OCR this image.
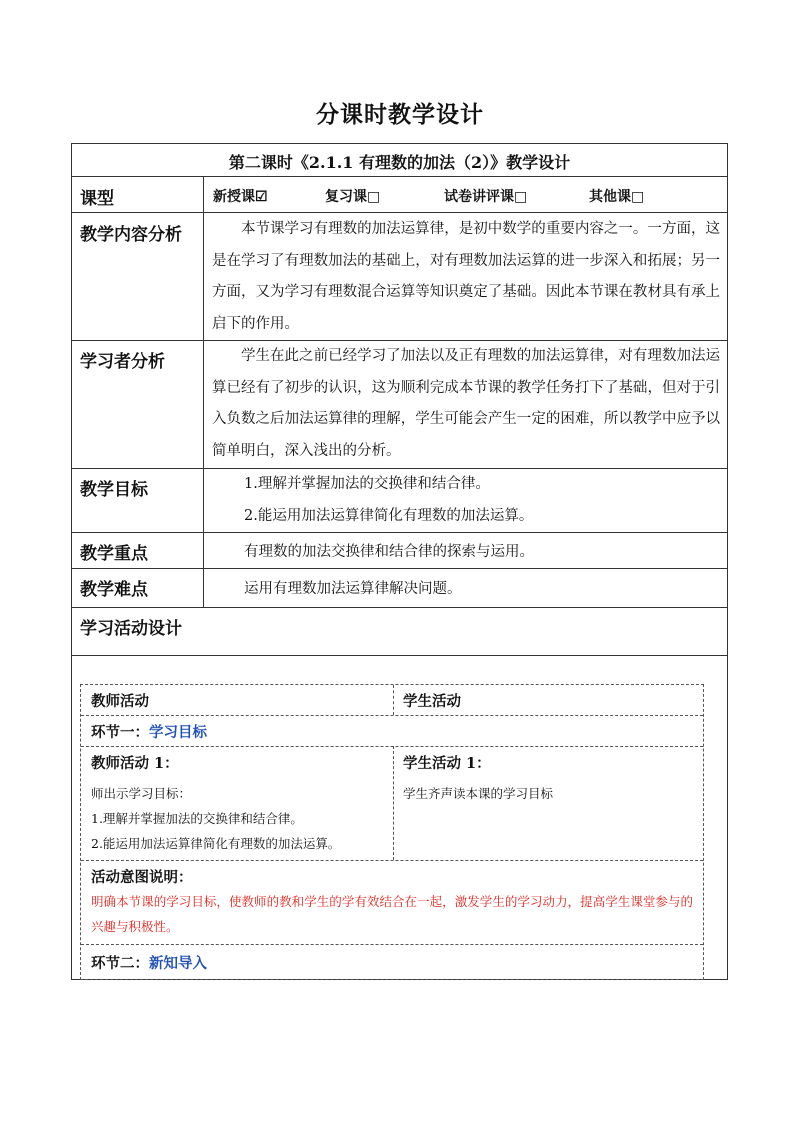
分课时教学设计
第二课时《2.1.1 有理数的加法（2）》教学设计
课型	新授课☑	复习课□	试卷讲评课□	其他课□
教学内容分析	本节课学习有理数的加法运算律，是初中数学的重要内容之一。一方面，这是在学习了有理数加法的基础上，对有理数加法运算的进一步深入和拓展；另一方面，又为学习有理数混合运算等知识奠定了基础。因此本节课在教材具有承上启下的作用。
学习者分析	学生在此之前已经学习了加法以及正有理数的加法运算律，对有理数加法运算已经有了初步的认识，这为顺利完成本节课的教学任务打下了基础，但对于引入负数之后加法运算律的理解，学生可能会产生一定的困难，所以教学中应予以简单明白，深入浅出的分析。
教学目标	1.理解并掌握加法的交换律和结合律。
2.能运用加法运算律简化有理数的加法运算。
教学重点	有理数的加法交换律和结合律的探索与运用。
教学难点	运用有理数加法运算律解决问题。
学习活动设计
教师活动	学生活动
环节一：学习目标
教师活动 1：
师出示学习目标：
1.理解并掌握加法的交换律和结合律。
2.能运用加法运算律简化有理数的加法运算。
学生活动 1：
学生齐声读本课的学习目标
活动意图说明：
明确本节课的学习目标，使教师的教和学生的学有效结合在一起，激发学生的学习动力，提高学生课堂参与的兴趣与积极性。
环节二：新知导入
